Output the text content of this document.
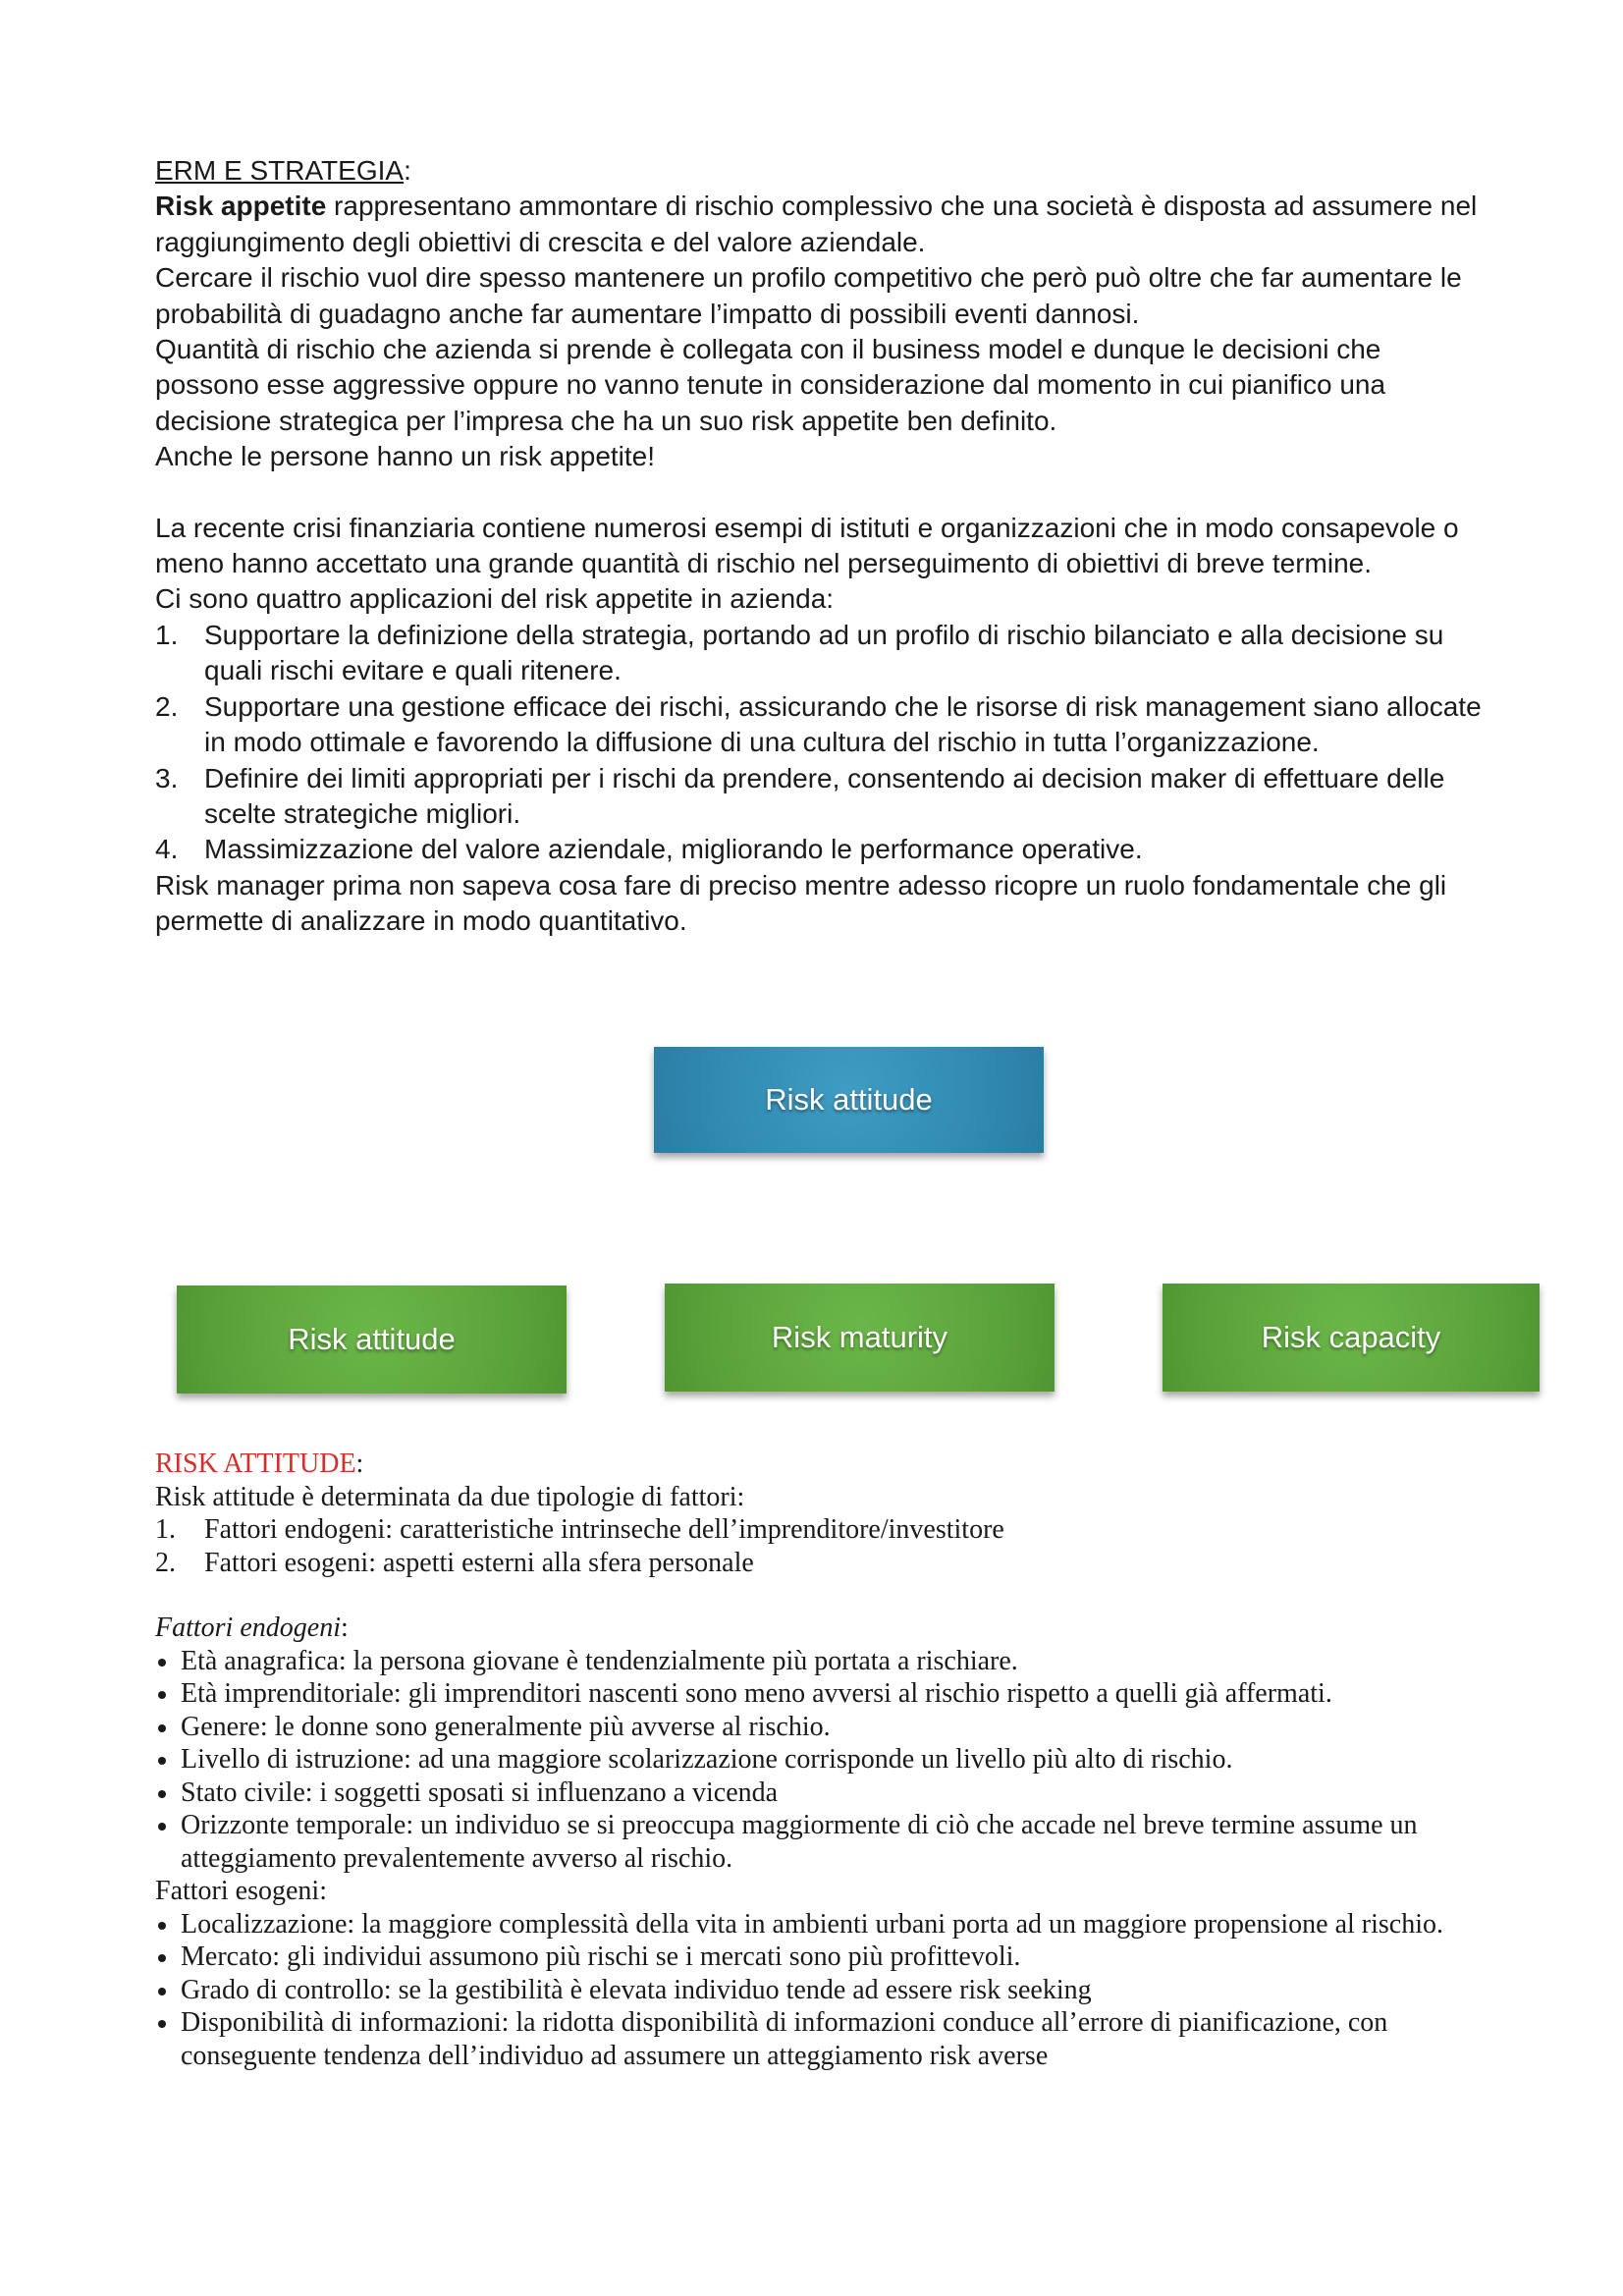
ERM E STRATEGIA:

Risk appetite rappresentano ammontare di rischio complessivo che una società è disposta ad assumere nel raggiungimento degli obiettivi di crescita e del valore aziendale.

Cercare il rischio vuol dire spesso mantenere un profilo competitivo che però può oltre che far aumentare le probabilità di guadagno anche far aumentare l’impatto di possibili eventi dannosi.

Quantità di rischio che azienda si prende è collegata con il business model e dunque le decisioni che possono esse aggressive oppure no vanno tenute in considerazione dal momento in cui pianifico una decisione strategica per l’impresa che ha un suo risk appetite ben definito.

Anche le persone hanno un risk appetite!

La recente crisi finanziaria contiene numerosi esempi di istituti e organizzazioni che in modo consapevole o meno hanno accettato una grande quantità di rischio nel perseguimento di obiettivi di breve termine.

Ci sono quattro applicazioni del risk appetite in azienda:

1. Supportare la definizione della strategia, portando ad un profilo di rischio bilanciato e alla decisione su quali rischi evitare e quali ritenere.
2. Supportare una gestione efficace dei rischi, assicurando che le risorse di risk management siano allocate in modo ottimale e favorendo la diffusione di una cultura del rischio in tutta l’organizzazione.
3. Definire dei limiti appropriati per i rischi da prendere, consentendo ai decision maker di effettuare delle scelte strategiche migliori.
4. Massimizzazione del valore aziendale, migliorando le performance operative.

Risk manager prima non sapeva cosa fare di preciso mentre adesso ricopre un ruolo fondamentale che gli permette di analizzare in modo quantitativo.

Risk attitude
Risk attitude	Risk maturity	Risk capacity

RISK ATTITUDE:

Risk attitude è determinata da due tipologie di fattori:

1. Fattori endogeni: caratteristiche intrinseche dell’imprenditore/investitore
2. Fattori esogeni: aspetti esterni alla sfera personale

Fattori endogeni:

Età anagrafica: la persona giovane è tendenzialmente più portata a rischiare.
Età imprenditoriale: gli imprenditori nascenti sono meno avversi al rischio rispetto a quelli già affermati.
Genere: le donne sono generalmente più avverse al rischio.
Livello di istruzione: ad una maggiore scolarizzazione corrisponde un livello più alto di rischio.
Stato civile: i soggetti sposati si influenzano a vicenda
Orizzonte temporale: un individuo se si preoccupa maggiormente di ciò che accade nel breve termine assume un atteggiamento prevalentemente avverso al rischio.

Fattori esogeni:

Localizzazione: la maggiore complessità della vita in ambienti urbani porta ad un maggiore propensione al rischio.
Mercato: gli individui assumono più rischi se i mercati sono più profittevoli.
Grado di controllo: se la gestibilità è elevata individuo tende ad essere risk seeking
Disponibilità di informazioni: la ridotta disponibilità di informazioni conduce all’errore di pianificazione, con conseguente tendenza dell’individuo ad assumere un atteggiamento risk averse
